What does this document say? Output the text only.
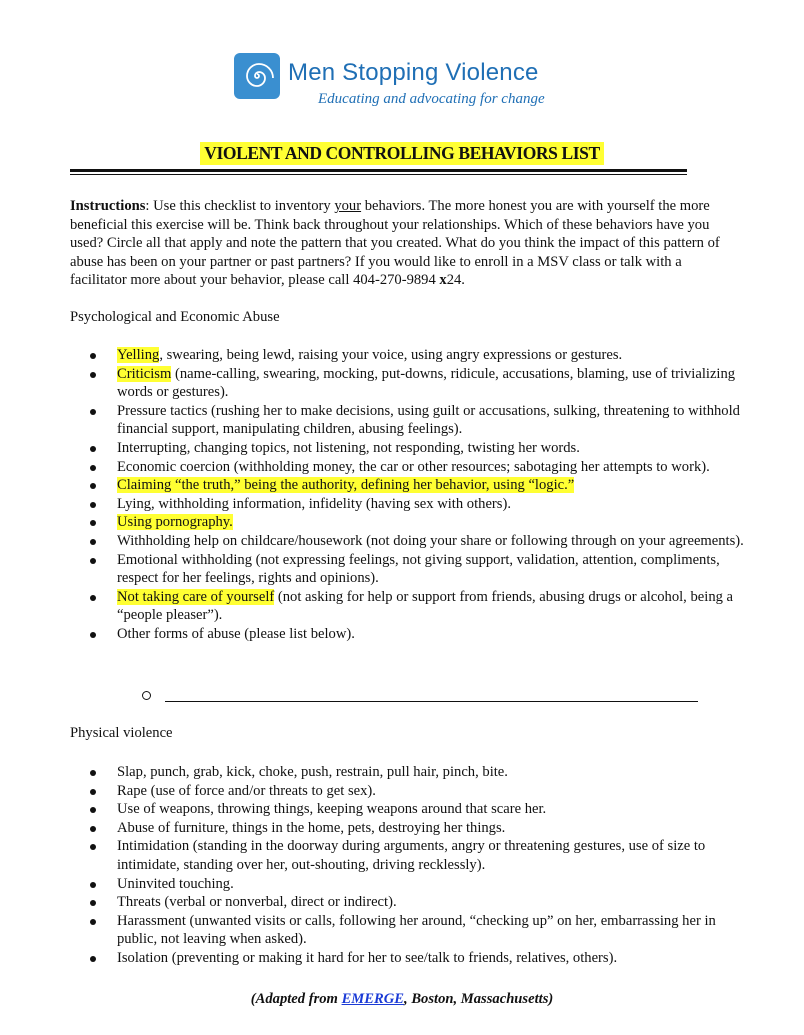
Men Stopping Violence
Educating and advocating for change
VIOLENT AND CONTROLLING BEHAVIORS LIST
Instructions: Use this checklist to inventory your behaviors. The more honest you are with yourself the more beneficial this exercise will be. Think back throughout your relationships. Which of these behaviors have you used? Circle all that apply and note the pattern that you created. What do you think the impact of this pattern of abuse has been on your partner or past partners? If you would like to enroll in a MSV class or talk with a facilitator more about your behavior, please call 404-270-9894 x24.
Psychological and Economic Abuse
Yelling, swearing, being lewd, raising your voice, using angry expressions or gestures.
Criticism (name-calling, swearing, mocking, put-downs, ridicule, accusations, blaming, use of trivializing words or gestures).
Pressure tactics (rushing her to make decisions, using guilt or accusations, sulking, threatening to withhold financial support, manipulating children, abusing feelings).
Interrupting, changing topics, not listening, not responding, twisting her words.
Economic coercion (withholding money, the car or other resources; sabotaging her attempts to work).
Claiming “the truth,” being the authority, defining her behavior, using “logic.”
Lying, withholding information, infidelity (having sex with others).
Using pornography.
Withholding help on childcare/housework (not doing your share or following through on your agreements).
Emotional withholding (not expressing feelings, not giving support, validation, attention, compliments, respect for her feelings, rights and opinions).
Not taking care of yourself (not asking for help or support from friends, abusing drugs or alcohol, being a “people pleaser”).
Other forms of abuse (please list below).
Physical violence
Slap, punch, grab, kick, choke, push, restrain, pull hair, pinch, bite.
Rape (use of force and/or threats to get sex).
Use of weapons, throwing things, keeping weapons around that scare her.
Abuse of furniture, things in the home, pets, destroying her things.
Intimidation (standing in the doorway during arguments, angry or threatening gestures, use of size to intimidate, standing over her, out-shouting, driving recklessly).
Uninvited touching.
Threats (verbal or nonverbal, direct or indirect).
Harassment (unwanted visits or calls, following her around, “checking up” on her, embarrassing her in public, not leaving when asked).
Isolation (preventing or making it hard for her to see/talk to friends, relatives, others).
(Adapted from EMERGE, Boston, Massachusetts)
